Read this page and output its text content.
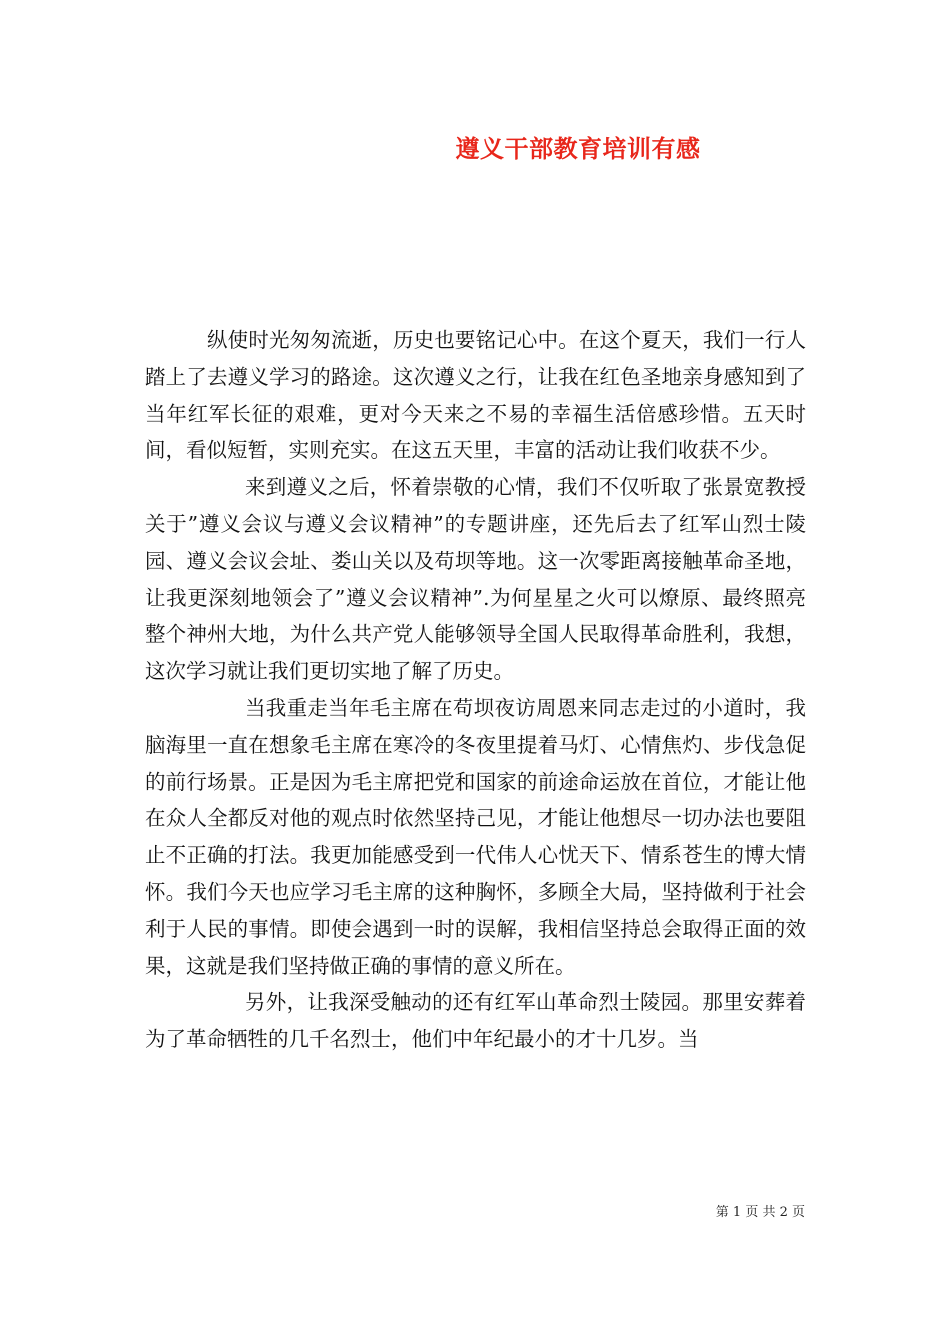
遵义干部教育培训有感

纵使时光匆匆流逝，历史也要铭记心中。在这个夏天，我们一行人踏上了去遵义学习的路途。这次遵义之行，让我在红色圣地亲身感知到了当年红军长征的艰难，更对今天来之不易的幸福生活倍感珍惜。五天时间，看似短暂，实则充实。在这五天里，丰富的活动让我们收获不少。

来到遵义之后，怀着崇敬的心情，我们不仅听取了张景宽教授关于”遵义会议与遵义会议精神”的专题讲座，还先后去了红军山烈士陵园、遵义会议会址、娄山关以及苟坝等地。这一次零距离接触革命圣地，让我更深刻地领会了”遵义会议精神”.为何星星之火可以燎原、最终照亮整个神州大地，为什么共产党人能够领导全国人民取得革命胜利，我想，这次学习就让我们更切实地了解了历史。

当我重走当年毛主席在苟坝夜访周恩来同志走过的小道时，我脑海里一直在想象毛主席在寒冷的冬夜里提着马灯、心情焦灼、步伐急促的前行场景。正是因为毛主席把党和国家的前途命运放在首位，才能让他在众人全都反对他的观点时依然坚持己见，才能让他想尽一切办法也要阻止不正确的打法。我更加能感受到一代伟人心忧天下、情系苍生的博大情怀。我们今天也应学习毛主席的这种胸怀，多顾全大局，坚持做利于社会利于人民的事情。即使会遇到一时的误解，我相信坚持总会取得正面的效果，这就是我们坚持做正确的事情的意义所在。

另外，让我深受触动的还有红军山革命烈士陵园。那里安葬着为了革命牺牲的几千名烈士，他们中年纪最小的才十几岁。当

第 1 页 共 2 页
